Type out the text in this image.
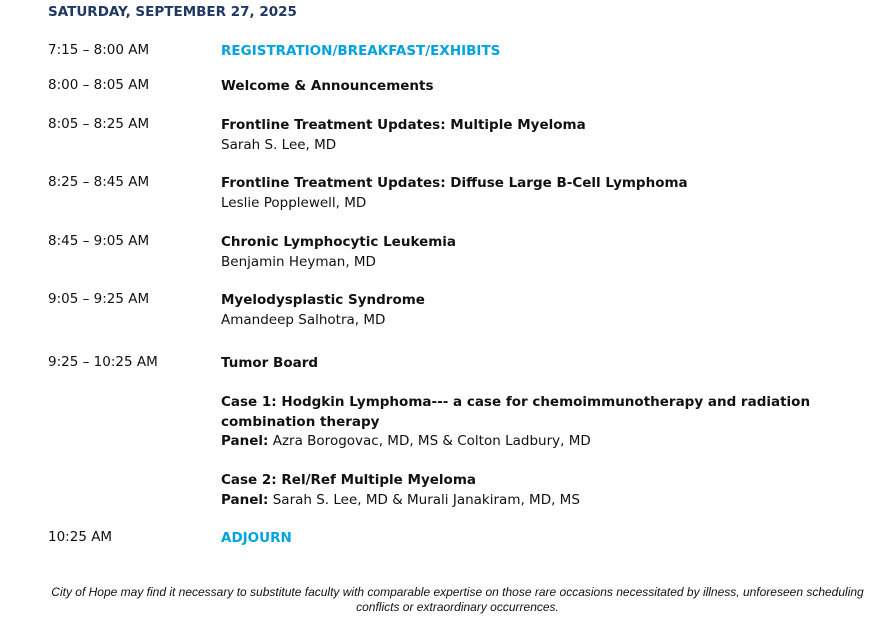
SATURDAY, SEPTEMBER 27, 2025
7:15 – 8:00 AM	REGISTRATION/BREAKFAST/EXHIBITS
8:00 – 8:05 AM	Welcome & Announcements
8:05 – 8:25 AM	Frontline Treatment Updates: Multiple Myeloma
Sarah S. Lee, MD
8:25 – 8:45 AM	Frontline Treatment Updates: Diffuse Large B-Cell Lymphoma
Leslie Popplewell, MD
8:45 – 9:05 AM	Chronic Lymphocytic Leukemia
Benjamin Heyman, MD
9:05 – 9:25 AM	Myelodysplastic Syndrome
Amandeep Salhotra, MD
9:25 – 10:25 AM	Tumor Board
Case 1: Hodgkin Lymphoma--- a case for chemoimmunotherapy and radiation combination therapy
Panel: Azra Borogovac, MD, MS & Colton Ladbury, MD
Case 2: Rel/Ref Multiple Myeloma
Panel: Sarah S. Lee, MD & Murali Janakiram, MD, MS
10:25 AM	ADJOURN
City of Hope may find it necessary to substitute faculty with comparable expertise on those rare occasions necessitated by illness, unforeseen scheduling conflicts or extraordinary occurrences.
